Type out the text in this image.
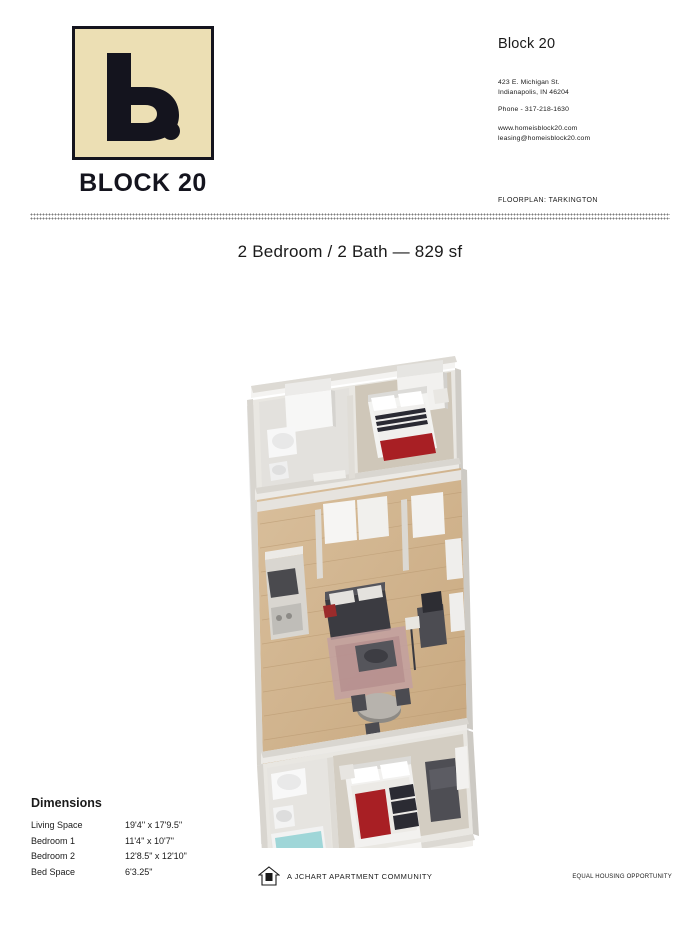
BLOCK 20
Block 20
423 E. Michigan St.
Indianapolis, IN 46204
Phone - 317-218-1630
www.homeisblock20.com
leasing@homeisblock20.com
FLOORPLAN: TARKINGTON
2 Bedroom / 2 Bath — 829 sf
Dimensions
Living Space	19'4'' x 17'9.5''
Bedroom 1	11'4'' x 10'7"
Bedroom 2	12'8.5" x 12'10"
Bed Space	6'3.25"	A JCHART APARTMENT COMMUNITY	EQUAL HOUSING OPPORTUNITY
